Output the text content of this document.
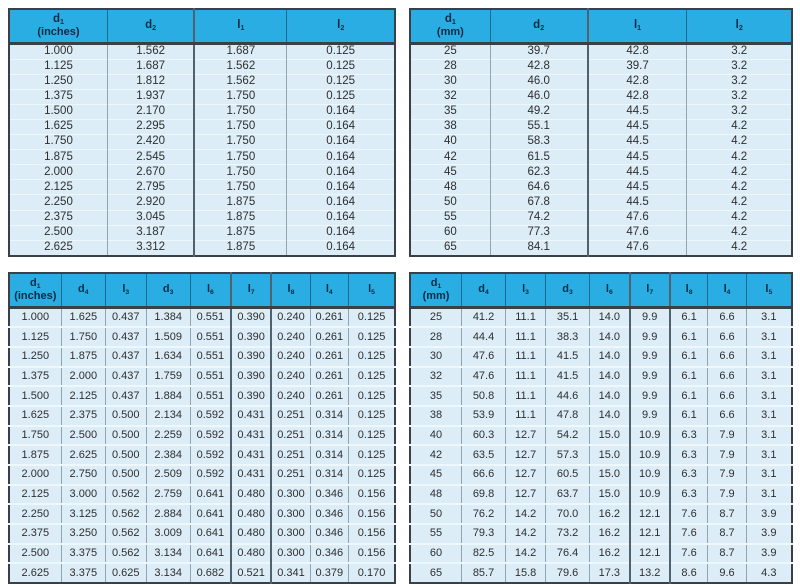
$d_1$
(inches)	$d_2$	$l_1$	$l_2$
1.000	1.562	1.687	0.125
1.125	1.687	1.562	0.125
1.250	1.812	1.562	0.125
1.375	1.937	1.750	0.125
1.500	2.170	1.750	0.164
1.625	2.295	1.750	0.164
1.750	2.420	1.750	0.164
1.875	2.545	1.750	0.164
2.000	2.670	1.750	0.164
2.125	2.795	1.750	0.164
2.250	2.920	1.875	0.164
2.375	3.045	1.875	0.164
2.500	3.187	1.875	0.164
2.625	3.312	1.875	0.164
$d_1$
(mm)	$d_2$	$l_1$	$l_2$
25	39.7	42.8	3.2
28	42.8	39.7	3.2
30	46.0	42.8	3.2
32	46.0	42.8	3.2
35	49.2	44.5	3.2
38	55.1	44.5	4.2
40	58.3	44.5	4.2
42	61.5	44.5	4.2
45	62.3	44.5	4.2
48	64.6	44.5	4.2
50	67.8	44.5	4.2
55	74.2	47.6	4.2
60	77.3	47.6	4.2
65	84.1	47.6	4.2
$d_1$
(inches)	$d_4$	$l_3$	$d_3$	$l_6$	$l_7$	$l_8$	$l_4$	$l_5$
1.000	1.625	0.437	1.384	0.551	0.390	0.240	0.261	0.125
1.125	1.750	0.437	1.509	0.551	0.390	0.240	0.261	0.125
1.250	1.875	0.437	1.634	0.551	0.390	0.240	0.261	0.125
1.375	2.000	0.437	1.759	0.551	0.390	0.240	0.261	0.125
1.500	2.125	0.437	1.884	0.551	0.390	0.240	0.261	0.125
1.625	2.375	0.500	2.134	0.592	0.431	0.251	0.314	0.125
1.750	2.500	0.500	2.259	0.592	0.431	0.251	0.314	0.125
1.875	2.625	0.500	2.384	0.592	0.431	0.251	0.314	0.125
2.000	2.750	0.500	2.509	0.592	0.431	0.251	0.314	0.125
2.125	3.000	0.562	2.759	0.641	0.480	0.300	0.346	0.156
2.250	3.125	0.562	2.884	0.641	0.480	0.300	0.346	0.156
2.375	3.250	0.562	3.009	0.641	0.480	0.300	0.346	0.156
2.500	3.375	0.562	3.134	0.641	0.480	0.300	0.346	0.156
2.625	3.375	0.625	3.134	0.682	0.521	0.341	0.379	0.170
$d_1$
(mm)	$d_4$	$l_3$	$d_3$	$l_6$	$l_7$	$l_8$	$l_4$	$l_5$
25	41.2	11.1	35.1	14.0	9.9	6.1	6.6	3.1
28	44.4	11.1	38.3	14.0	9.9	6.1	6.6	3.1
30	47.6	11.1	41.5	14.0	9.9	6.1	6.6	3.1
32	47.6	11.1	41.5	14.0	9.9	6.1	6.6	3.1
35	50.8	11.1	44.6	14.0	9.9	6.1	6.6	3.1
38	53.9	11.1	47.8	14.0	9.9	6.1	6.6	3.1
40	60.3	12.7	54.2	15.0	10.9	6.3	7.9	3.1
42	63.5	12.7	57.3	15.0	10.9	6.3	7.9	3.1
45	66.6	12.7	60.5	15.0	10.9	6.3	7.9	3.1
48	69.8	12.7	63.7	15.0	10.9	6.3	7.9	3.1
50	76.2	14.2	70.0	16.2	12.1	7.6	8.7	3.9
55	79.3	14.2	73.2	16.2	12.1	7.6	8.7	3.9
60	82.5	14.2	76.4	16.2	12.1	7.6	8.7	3.9
65	85.7	15.8	79.6	17.3	13.2	8.6	9.6	4.3
